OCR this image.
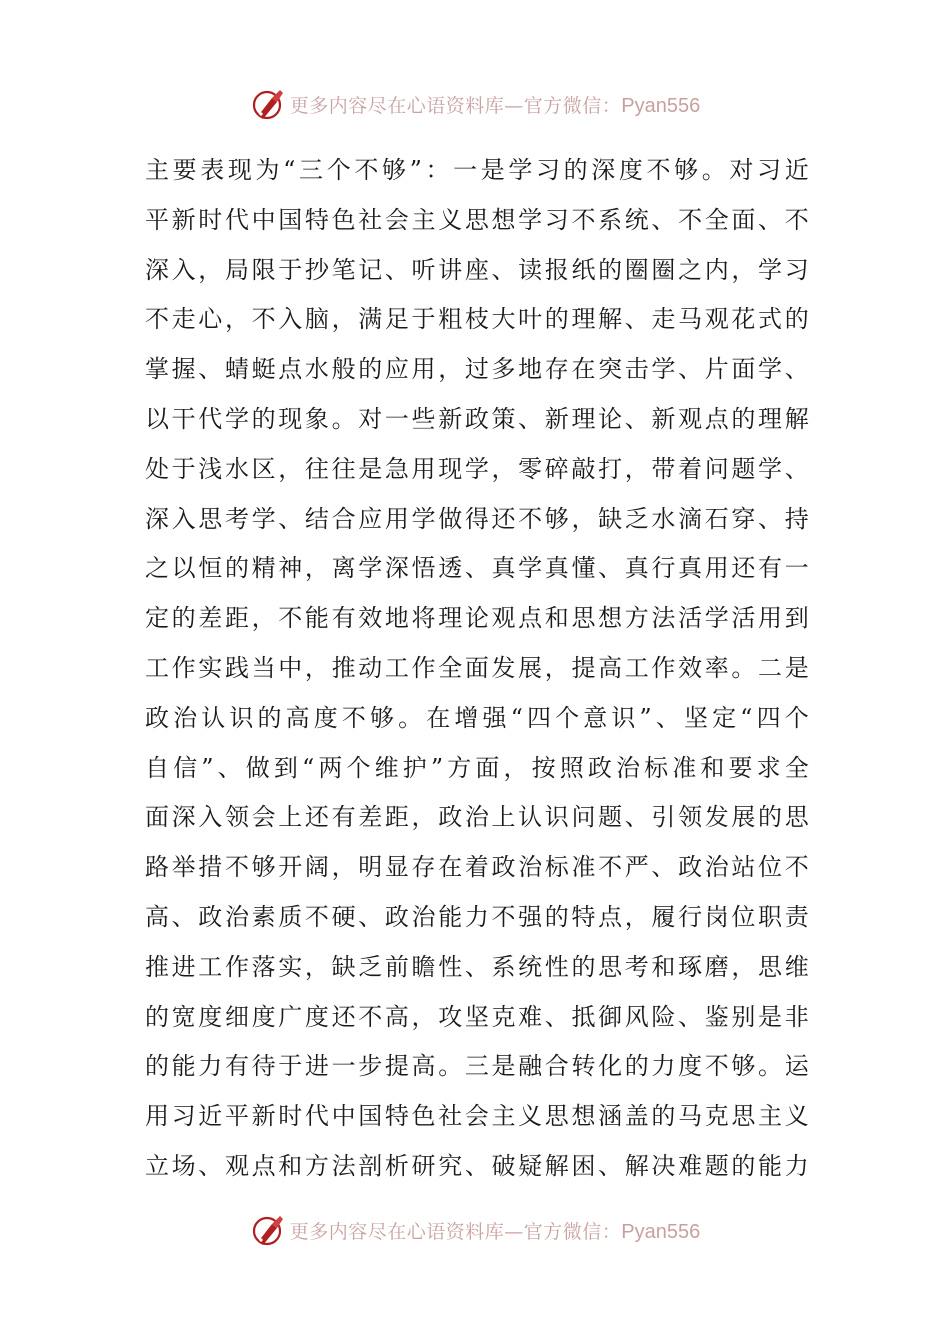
更多内容尽在心语资料库—官方微信：Pyan556
主要表现为“三个不够”：一是学习的深度不够。对习近
平新时代中国特色社会主义思想学习不系统、不全面、不
深入，局限于抄笔记、听讲座、读报纸的圈圈之内，学习
不走心，不入脑，满足于粗枝大叶的理解、走马观花式的
掌握、蜻蜓点水般的应用，过多地存在突击学、片面学、
以干代学的现象。对一些新政策、新理论、新观点的理解
处于浅水区，往往是急用现学，零碎敲打，带着问题学、
深入思考学、结合应用学做得还不够，缺乏水滴石穿、持
之以恒的精神，离学深悟透、真学真懂、真行真用还有一
定的差距，不能有效地将理论观点和思想方法活学活用到
工作实践当中，推动工作全面发展，提高工作效率。二是
政治认识的高度不够。在增强“四个意识”、坚定“四个
自信”、做到“两个维护”方面，按照政治标准和要求全
面深入领会上还有差距，政治上认识问题、引领发展的思
路举措不够开阔，明显存在着政治标准不严、政治站位不
高、政治素质不硬、政治能力不强的特点，履行岗位职责
推进工作落实，缺乏前瞻性、系统性的思考和琢磨，思维
的宽度细度广度还不高，攻坚克难、抵御风险、鉴别是非
的能力有待于进一步提高。三是融合转化的力度不够。运
用习近平新时代中国特色社会主义思想涵盖的马克思主义
立场、观点和方法剖析研究、破疑解困、解决难题的能力
更多内容尽在心语资料库—官方微信：Pyan556
